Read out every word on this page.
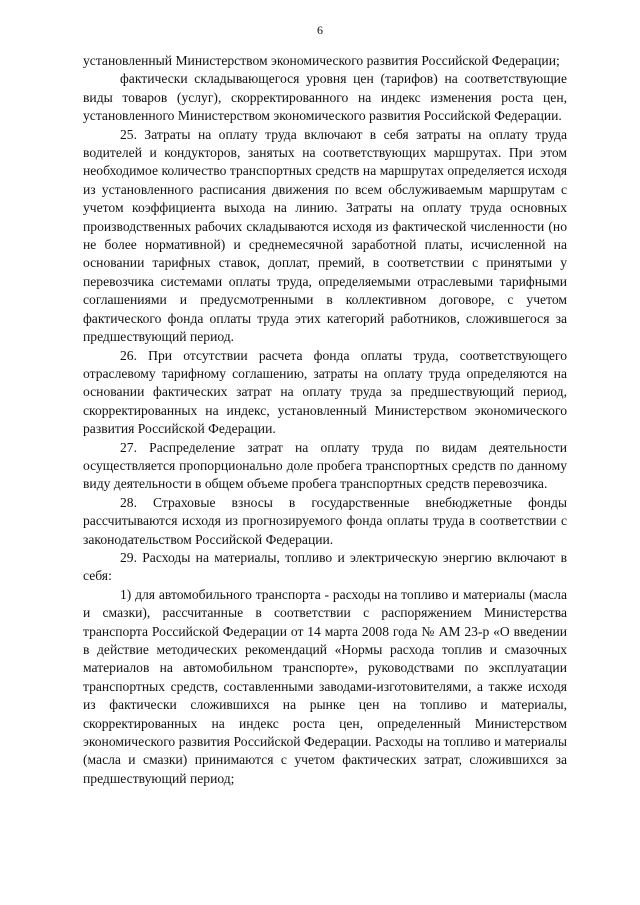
6

установленный Министерством экономического развития Российской Федерации;

фактически складывающегося уровня цен (тарифов) на соответствующие виды товаров (услуг), скорректированного на индекс изменения роста цен, установленного Министерством экономического развития Российской Федерации.

25. Затраты на оплату труда включают в себя затраты на оплату труда водителей и кондукторов, занятых на соответствующих маршрутах. При этом необходимое количество транспортных средств на маршрутах определяется исходя из установленного расписания движения по всем обслуживаемым маршрутам с учетом коэффициента выхода на линию. Затраты на оплату труда основных производственных рабочих складываются исходя из фактической численности (но не более нормативной) и среднемесячной заработной платы, исчисленной на основании тарифных ставок, доплат, премий, в соответствии с принятыми у перевозчика системами оплаты труда, определяемыми отраслевыми тарифными соглашениями и предусмотренными в коллективном договоре, с учетом фактического фонда оплаты труда этих категорий работников, сложившегося за предшествующий период.

26. При отсутствии расчета фонда оплаты труда, соответствующего отраслевому тарифному соглашению, затраты на оплату труда определяются на основании фактических затрат на оплату труда за предшествующий период, скорректированных на индекс, установленный Министерством экономического развития Российской Федерации.

27. Распределение затрат на оплату труда по видам деятельности осуществляется пропорционально доле пробега транспортных средств по данному виду деятельности в общем объеме пробега транспортных средств перевозчика.

28. Страховые взносы в государственные внебюджетные фонды рассчитываются исходя из прогнозируемого фонда оплаты труда в соответствии с законодательством Российской Федерации.

29. Расходы на материалы, топливо и электрическую энергию включают в себя:

1) для автомобильного транспорта - расходы на топливо и материалы (масла и смазки), рассчитанные в соответствии с распоряжением Министерства транспорта Российской Федерации от 14 марта 2008 года № АМ 23-р «О введении в действие методических рекомендаций «Нормы расхода топлив и смазочных материалов на автомобильном транспорте», руководствами по эксплуатации транспортных средств, составленными заводами-изготовителями, а также исходя из фактически сложившихся на рынке цен на топливо и материалы, скорректированных на индекс роста цен, определенный Министерством экономического развития Российской Федерации. Расходы на топливо и материалы (масла и смазки) принимаются с учетом фактических затрат, сложившихся за предшествующий период;
